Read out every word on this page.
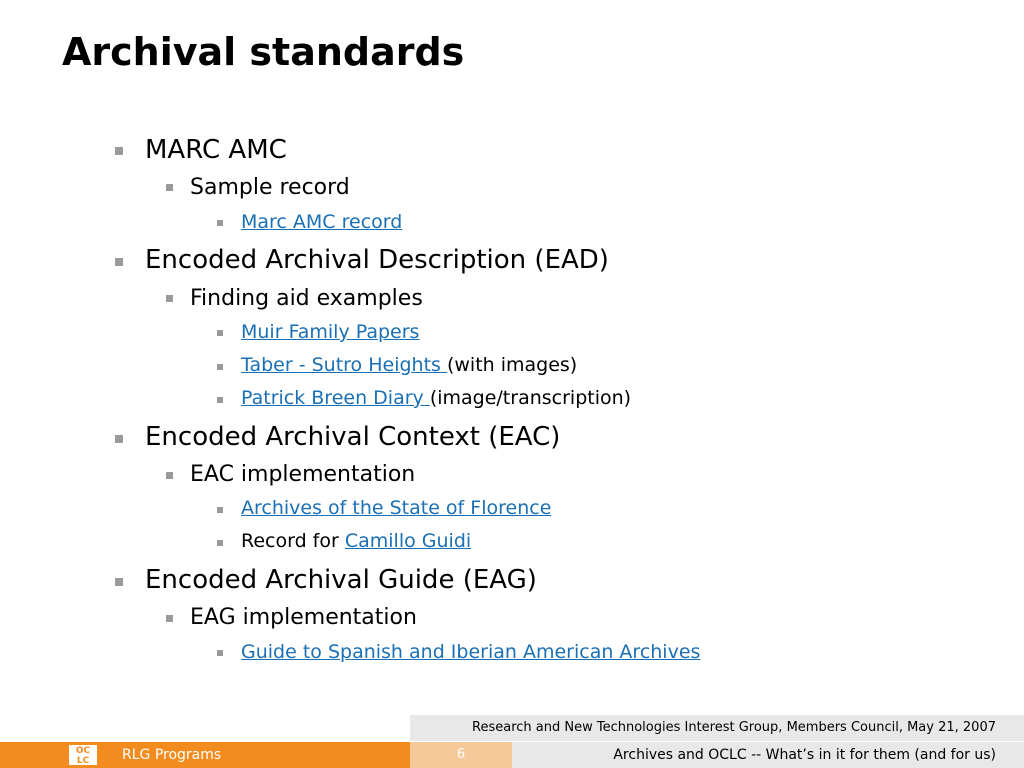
Archival standards
MARC AMC
Sample record
Marc AMC record
Encoded Archival Description (EAD)
Finding aid examples
Muir Family Papers
Taber - Sutro Heights (with images)
Patrick Breen Diary (image/transcription)
Encoded Archival Context (EAC)
EAC implementation
Archives of the State of Florence
Record for Camillo Guidi
Encoded Archival Guide (EAG)
EAG implementation
Guide to Spanish and Iberian American Archives
Research and New Technologies Interest Group, Members Council, May 21, 2007
OC LC	RLG Programs	6	Archives and OCLC -- What’s in it for them (and for us)
